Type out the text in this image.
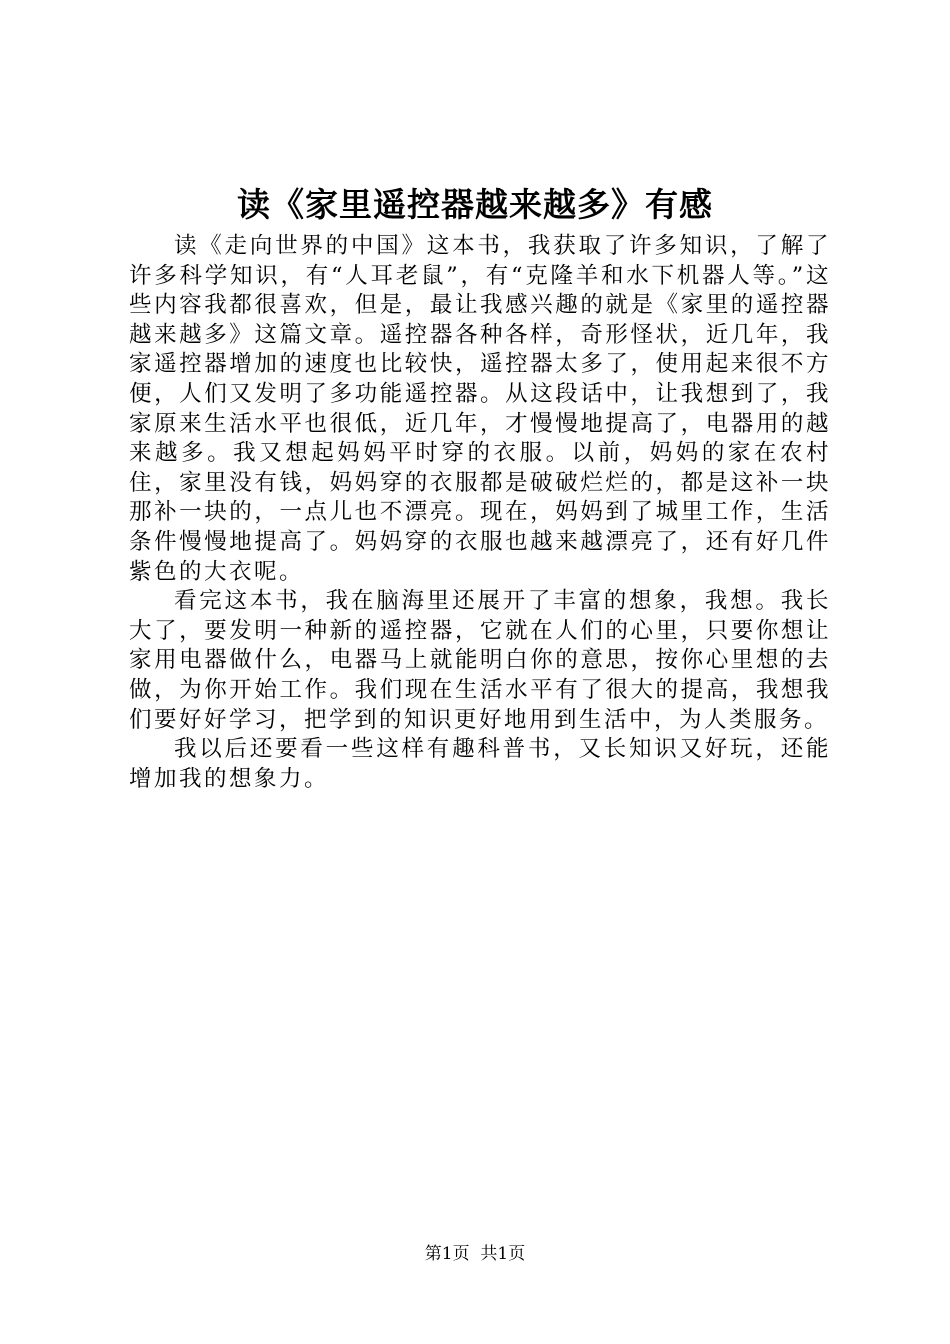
读《家里遥控器越来越多》有感

读《走向世界的中国》这本书，我获取了许多知识，了解了许多科学知识，有“人耳老鼠”，有“克隆羊和水下机器人等。”这些内容我都很喜欢，但是，最让我感兴趣的就是《家里的遥控器越来越多》这篇文章。遥控器各种各样，奇形怪状，近几年，我家遥控器增加的速度也比较快，遥控器太多了，使用起来很不方便，人们又发明了多功能遥控器。从这段话中，让我想到了，我家原来生活水平也很低，近几年，才慢慢地提高了，电器用的越来越多。我又想起妈妈平时穿的衣服。以前，妈妈的家在农村住，家里没有钱，妈妈穿的衣服都是破破烂烂的，都是这补一块那补一块的，一点儿也不漂亮。现在，妈妈到了城里工作，生活条件慢慢地提高了。妈妈穿的衣服也越来越漂亮了，还有好几件紫色的大衣呢。

看完这本书，我在脑海里还展开了丰富的想象，我想。我长大了，要发明一种新的遥控器，它就在人们的心里，只要你想让家用电器做什么，电器马上就能明白你的意思，按你心里想的去做，为你开始工作。我们现在生活水平有了很大的提高，我想我们要好好学习，把学到的知识更好地用到生活中，为人类服务。

我以后还要看一些这样有趣科普书，又长知识又好玩，还能增加我的想象力。

第1页  共1页
